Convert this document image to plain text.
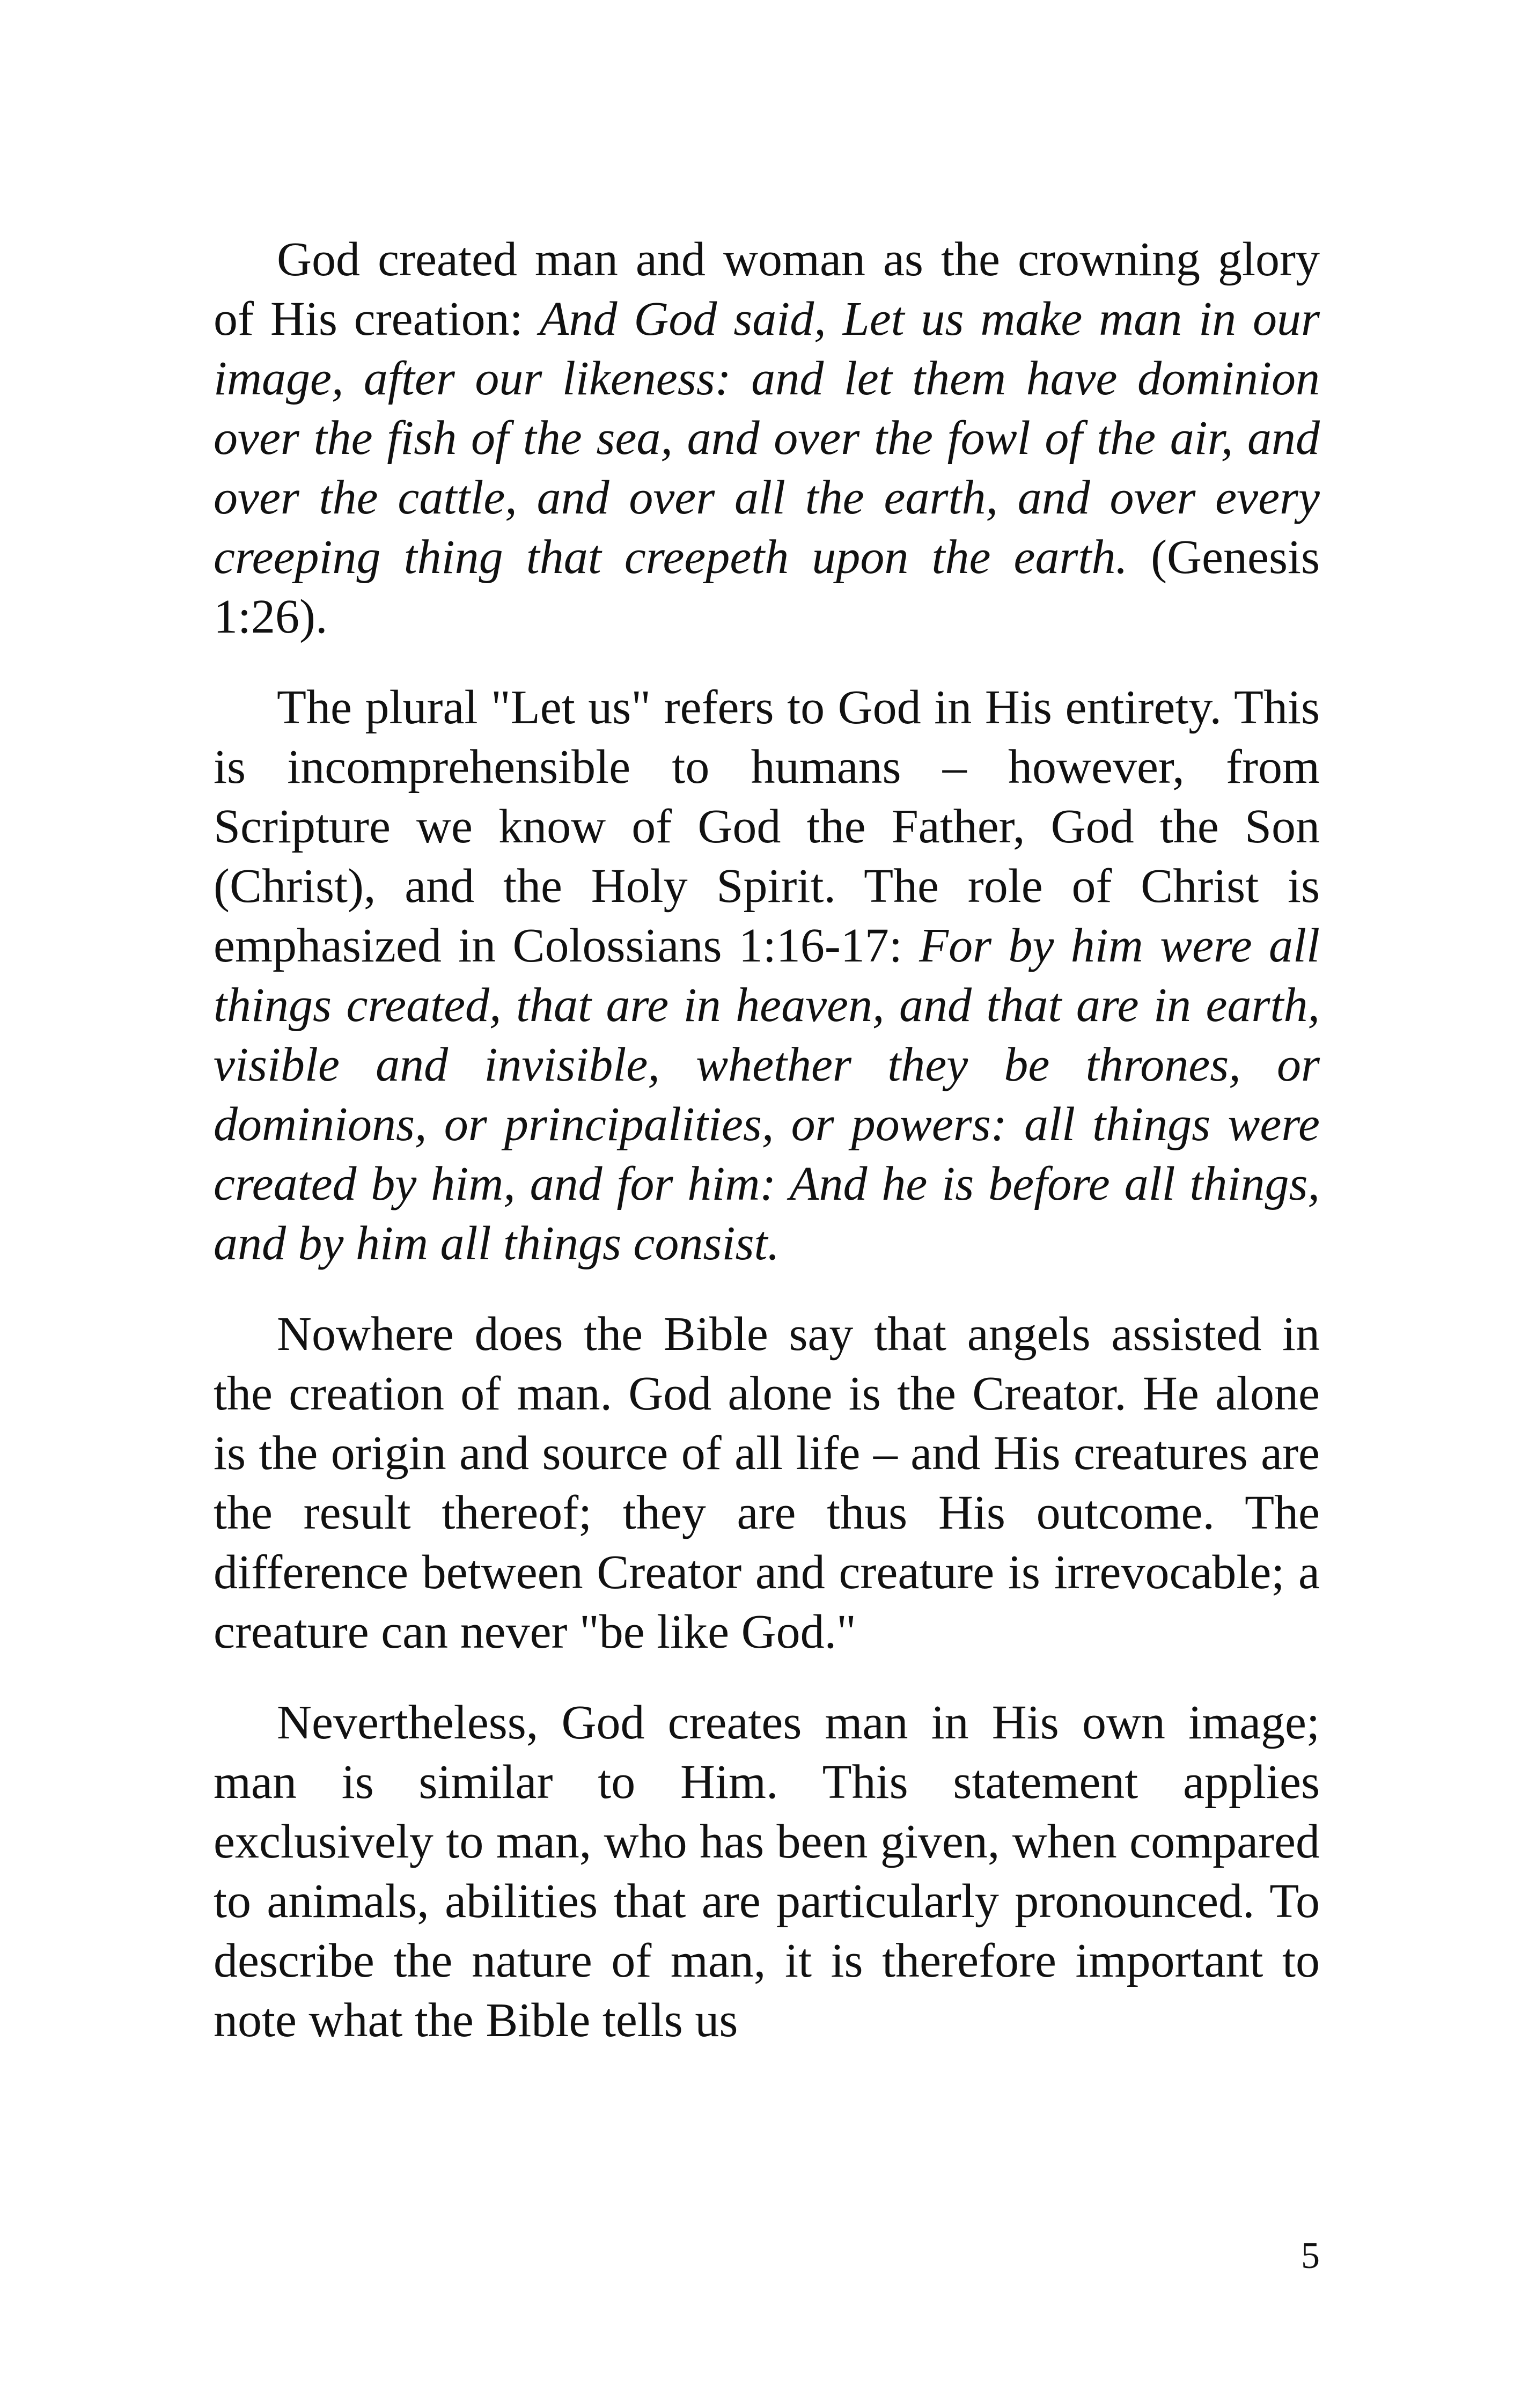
God created man and woman as the crowning glory of His creation: And God said, Let us make man in our image, after our likeness: and let them have dominion over the fish of the sea, and over the fowl of the air, and over the cattle, and over all the earth, and over every creeping thing that creepeth upon the earth. (Genesis 1:26).

The plural "Let us" refers to God in His entirety. This is incomprehensible to humans – however, from Scripture we know of God the Father, God the Son (Christ), and the Holy Spirit. The role of Christ is emphasized in Colossians 1:16-17: For by him were all things created, that are in heaven, and that are in earth, visible and invisible, whether they be thrones, or dominions, or principalities, or powers: all things were created by him, and for him: And he is before all things, and by him all things consist.

Nowhere does the Bible say that angels assisted in the creation of man. God alone is the Creator. He alone is the origin and source of all life – and His creatures are the result thereof; they are thus His outcome. The difference between Creator and creature is irrevocable; a creature can never "be like God."

Nevertheless, God creates man in His own image; man is similar to Him. This statement applies exclusively to man, who has been given, when compared to animals, abilities that are particularly pronounced. To describe the nature of man, it is therefore important to note what the Bible tells us

5
